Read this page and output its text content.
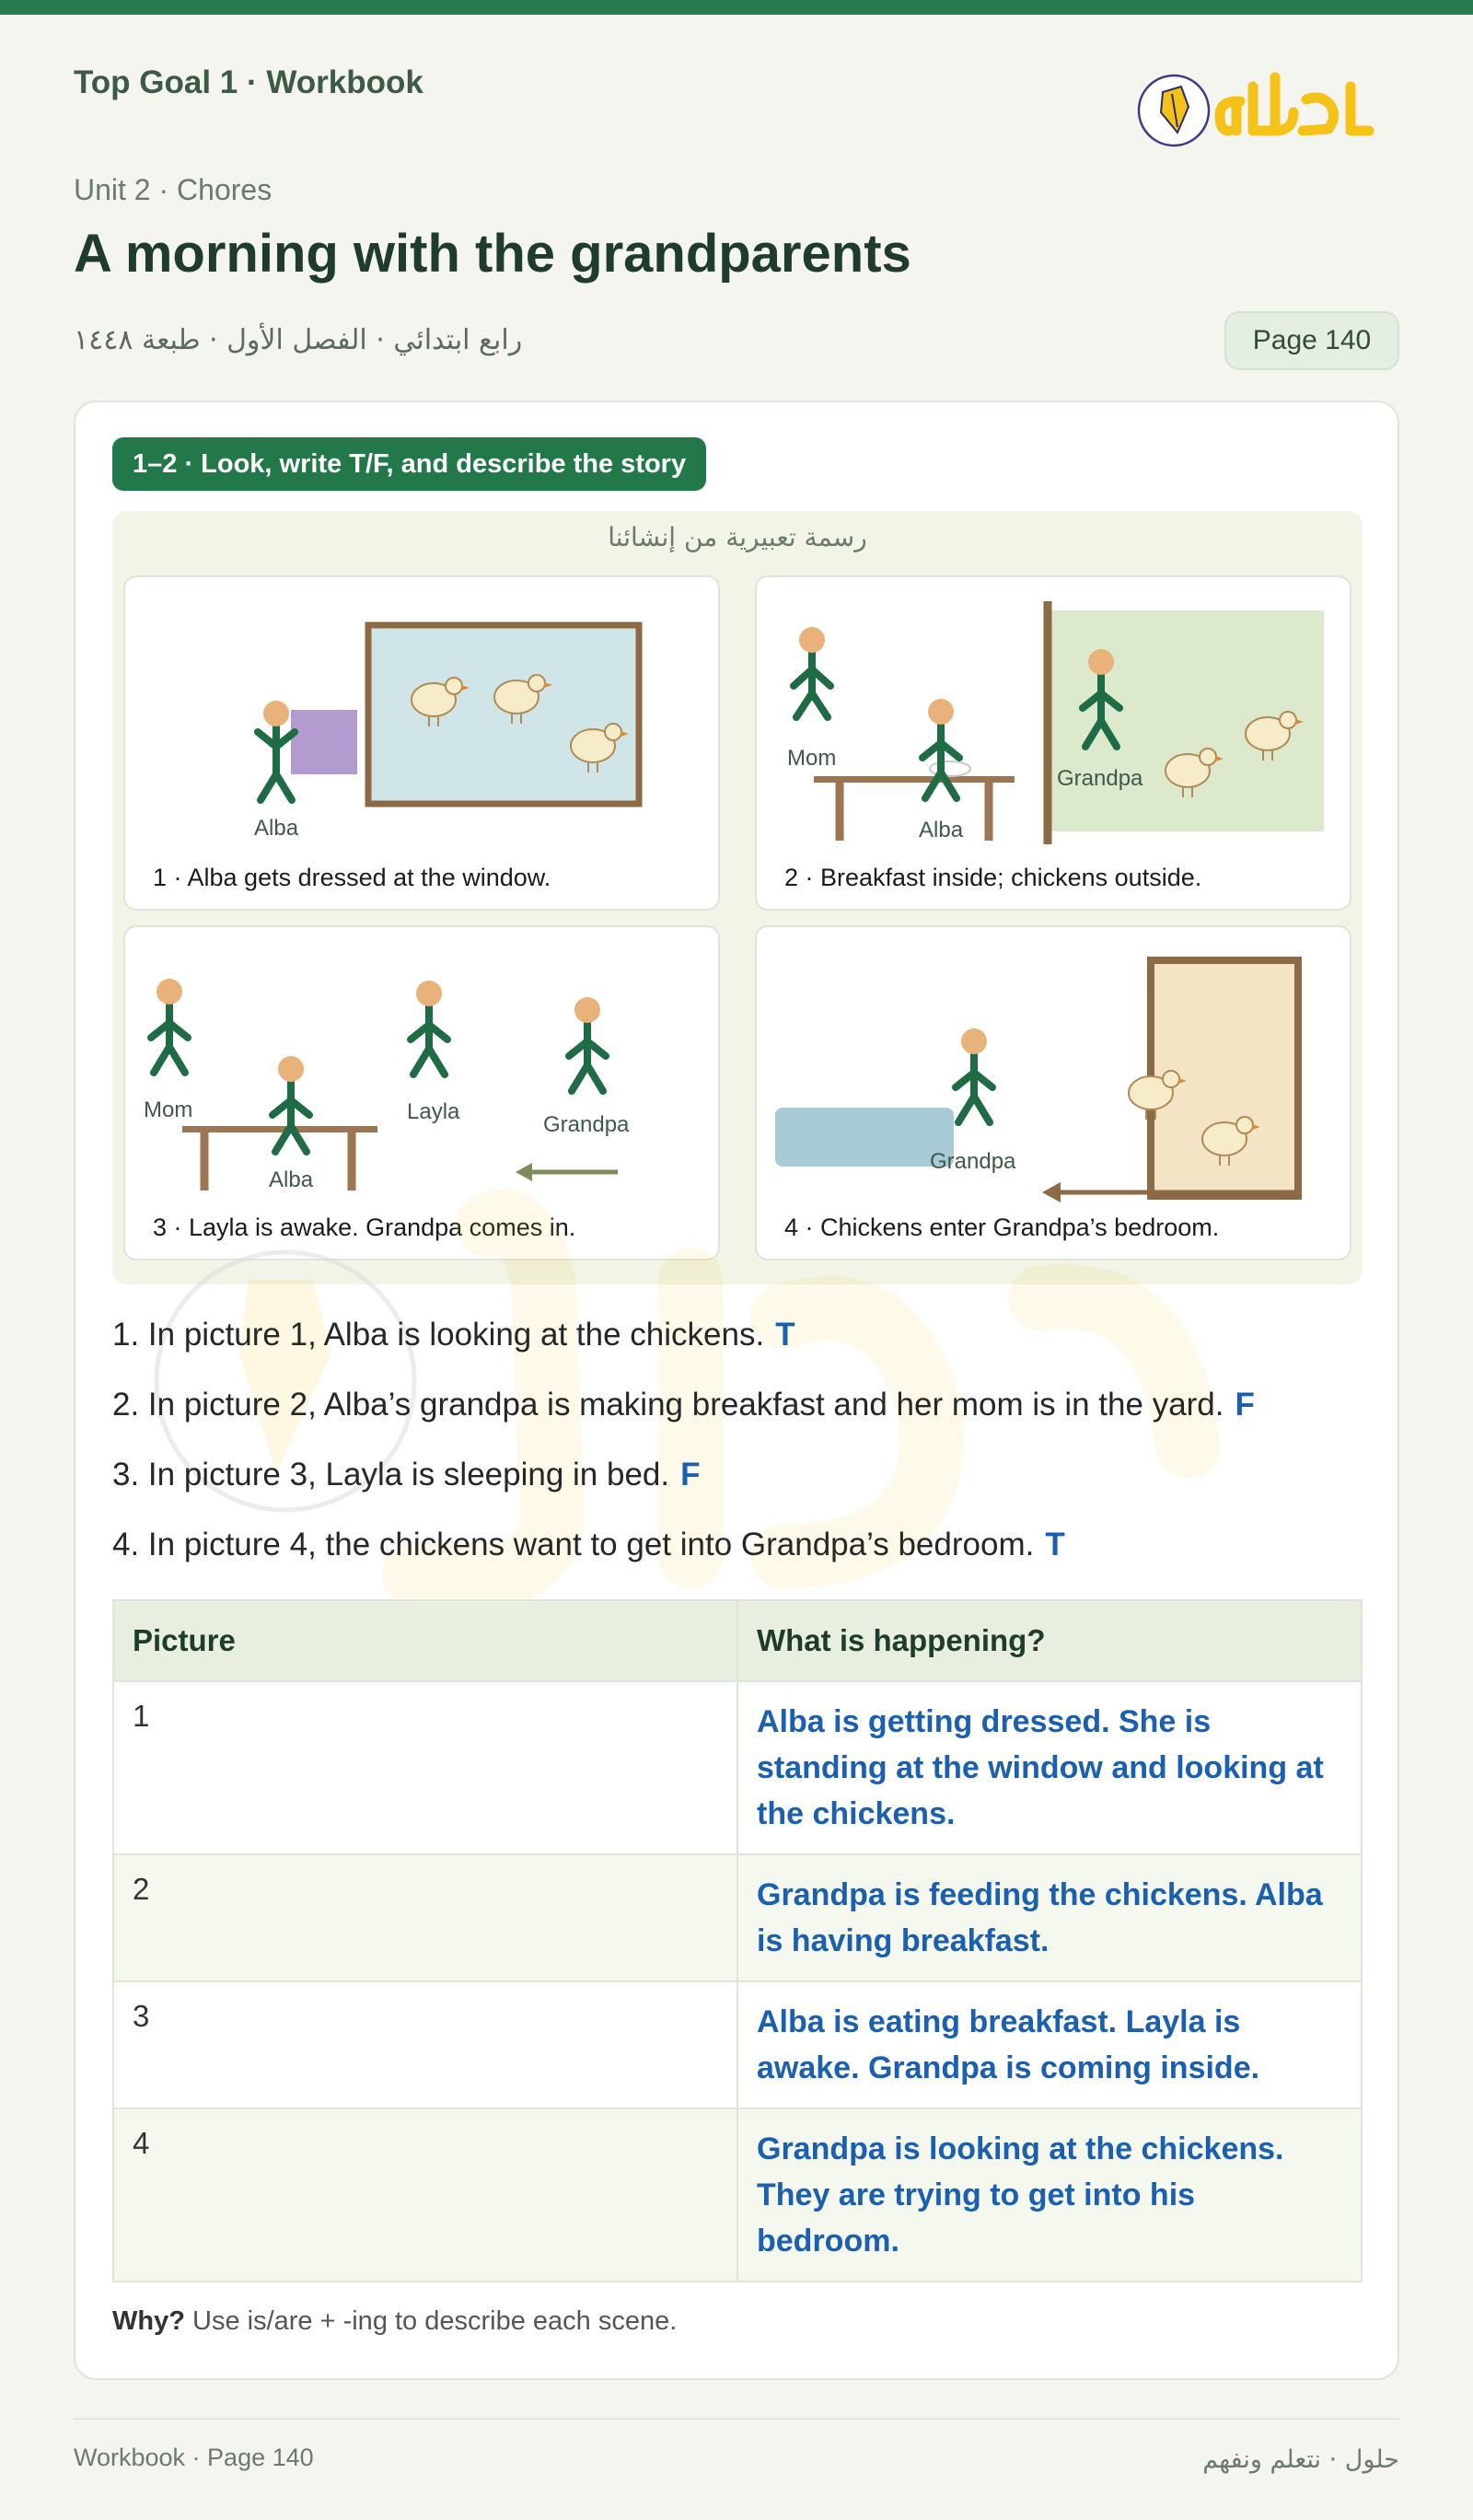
Top Goal 1 · Workbook
Unit 2 · Chores
A morning with the grandparents
رابع ابتدائي · الفصل الأول · طبعة ١٤٤٨	Page 140
1–2 · Look, write T/F, and describe the story
رسمة تعبيرية من إنشائنا
Alba
1 · Alba gets dressed at the window.
Mom
Alba
Grandpa
2 · Breakfast inside; chickens outside.
Mom
Alba
Layla
Grandpa
3 · Layla is awake. Grandpa comes in.
Grandpa
4 · Chickens enter Grandpa’s bedroom.
1. In picture 1, Alba is looking at the chickens. T
2. In picture 2, Alba’s grandpa is making breakfast and her mom is in the yard. F
3. In picture 3, Layla is sleeping in bed. F
4. In picture 4, the chickens want to get into Grandpa’s bedroom. T
Picture	What is happening?
1	Alba is getting dressed. She is standing at the window and looking at the chickens.
2	Grandpa is feeding the chickens. Alba is having breakfast.
3	Alba is eating breakfast. Layla is awake. Grandpa is coming inside.
4	Grandpa is looking at the chickens. They are trying to get into his bedroom.
Why? Use is/are + -ing to describe each scene.
Workbook · Page 140	حلول · نتعلم ونفهم
